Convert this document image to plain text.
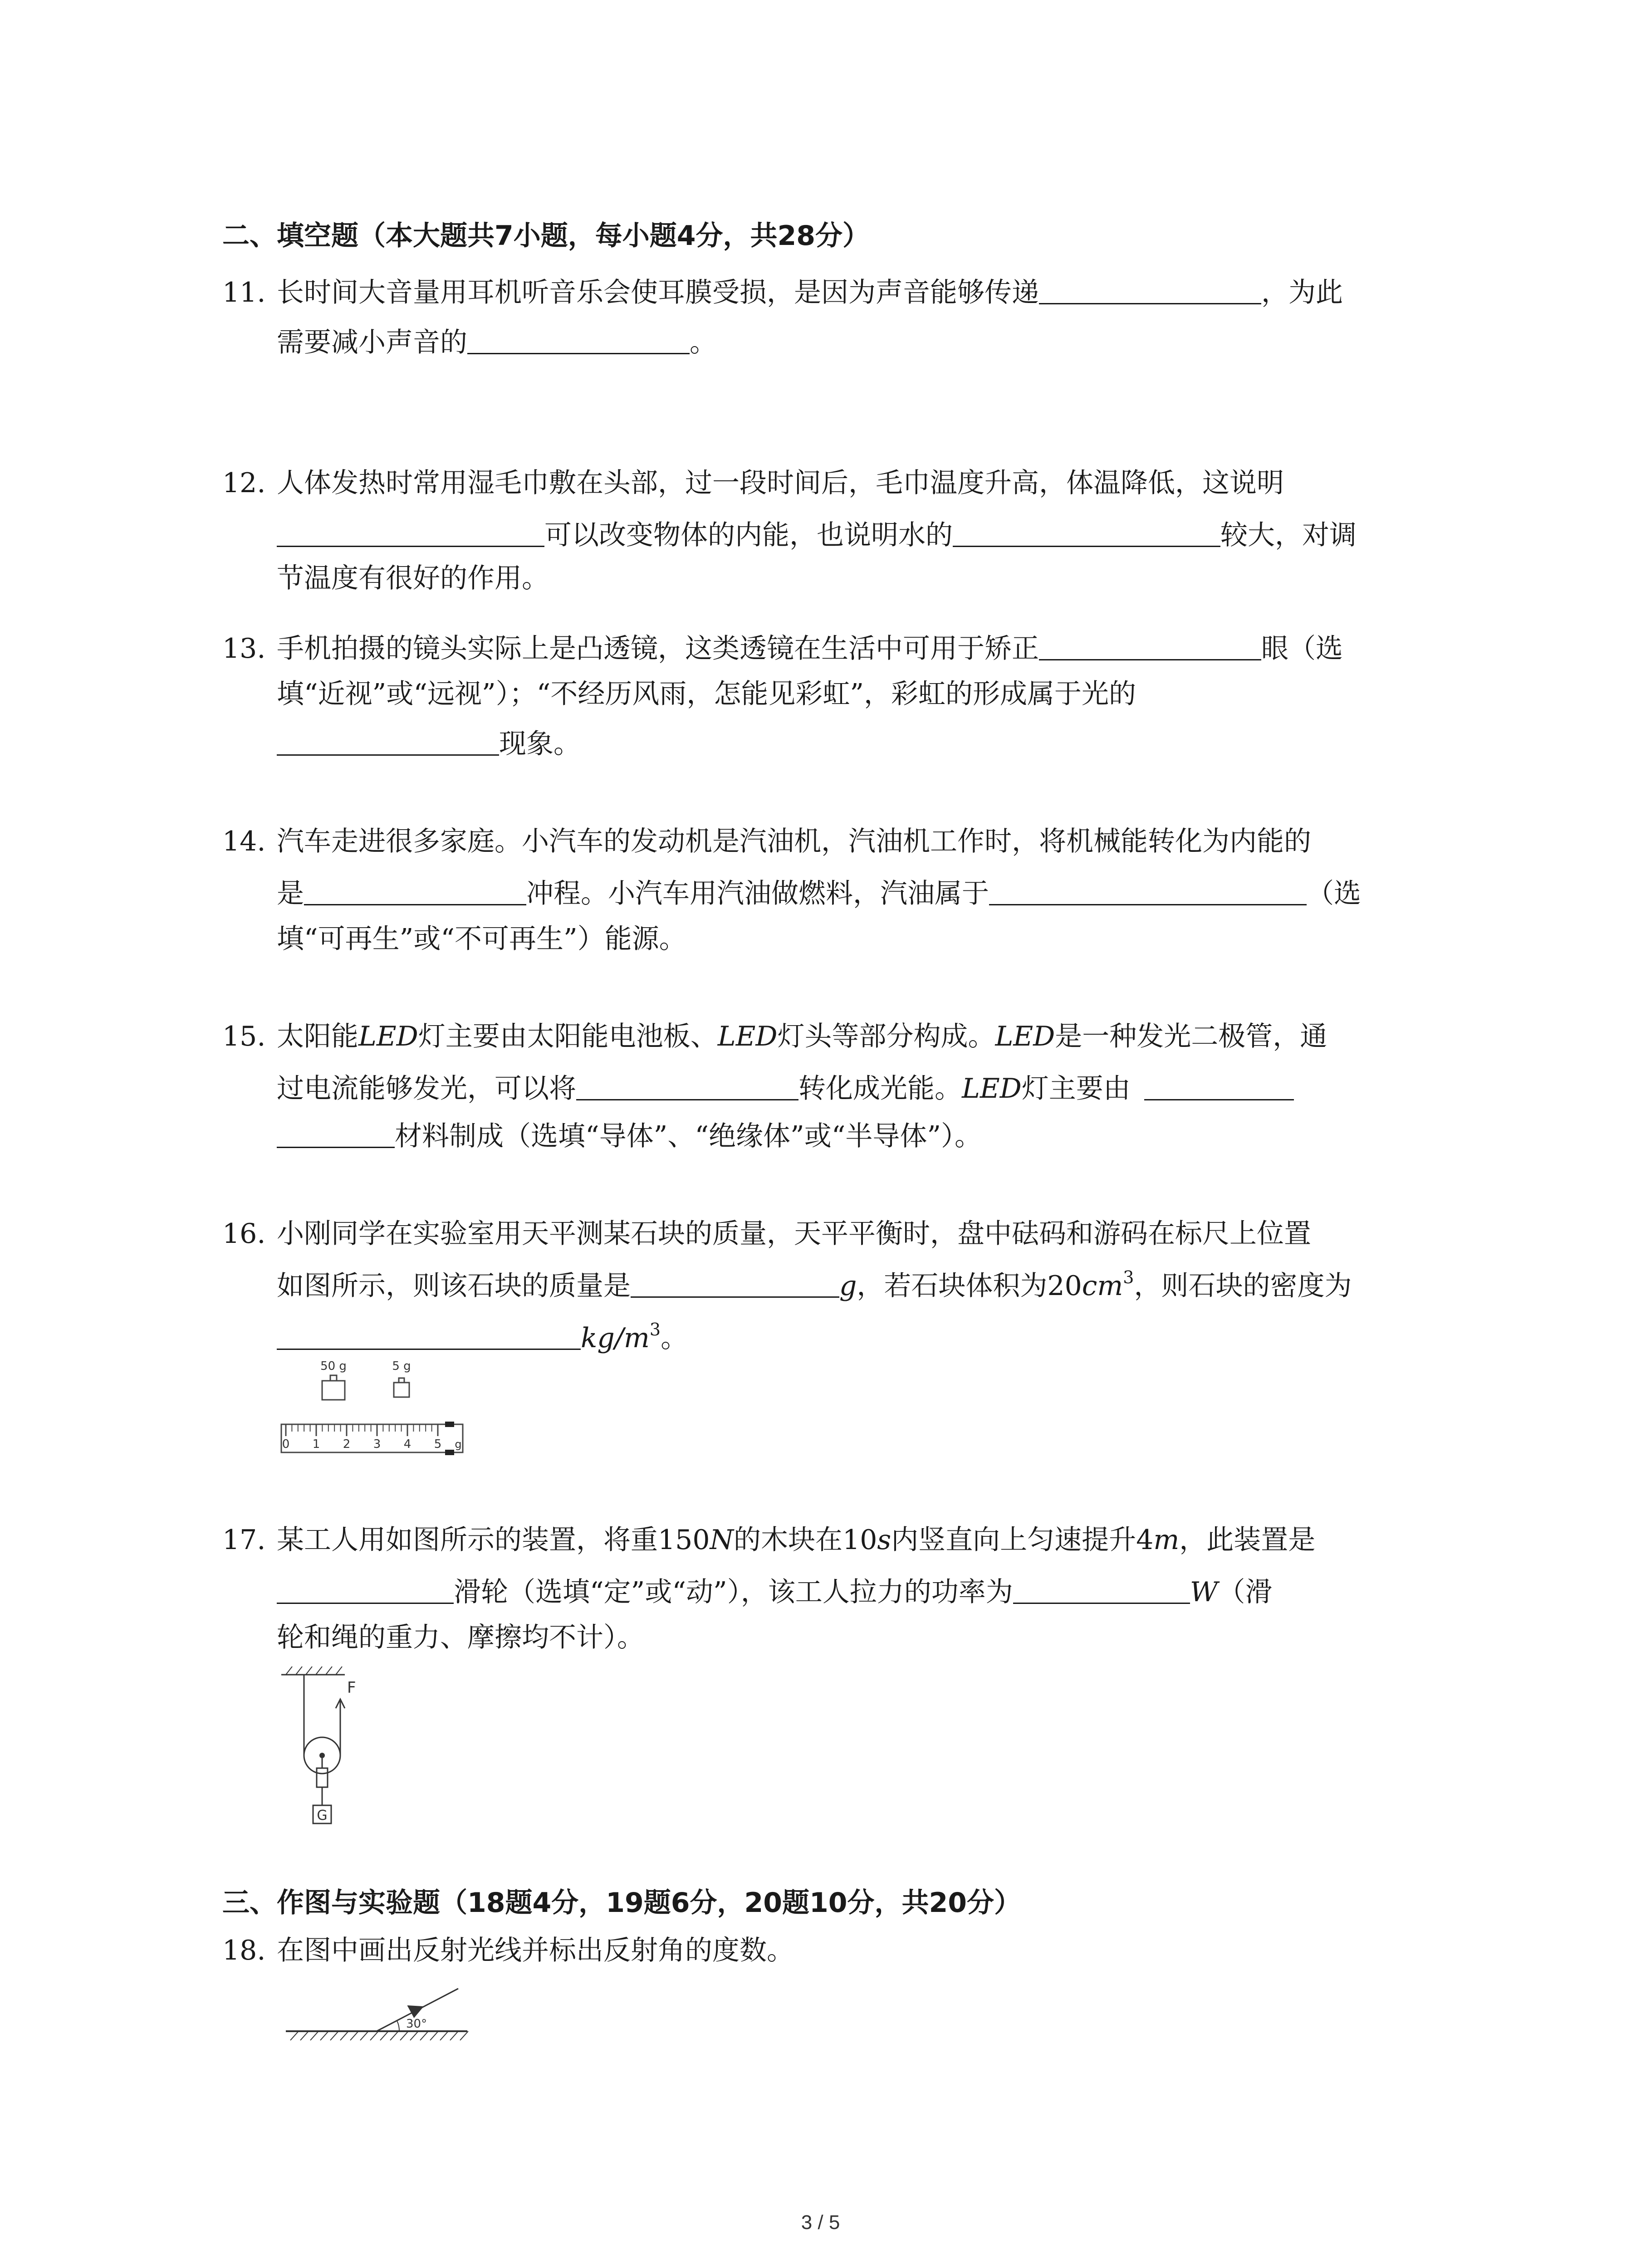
二、填空题（本大题共7小题，每小题4分，共28分）
11. 长时间大音量用耳机听音乐会使耳膜受损，是因为声音能够传递	，为此
需要减小声音的	。
12. 人体发热时常用湿毛巾敷在头部，过一段时间后，毛巾温度升高，体温降低，这说明
可以改变物体的内能，也说明水的	较大，对调
节温度有很好的作用。
13. 手机拍摄的镜头实际上是凸透镜，这类透镜在生活中可用于矫正	眼（选
填“近视”或“远视”）；“不经历风雨，怎能见彩虹”，彩虹的形成属于光的
现象。
14. 汽车走进很多家庭。小汽车的发动机是汽油机，汽油机工作时，将机械能转化为内能的
是	冲程。小汽车用汽油做燃料，汽油属于	（选
填“可再生”或“不可再生”）能源。
15. 太阳能LED灯主要由太阳能电池板、LED灯头等部分构成。LED是一种发光二极管，通
过电流能够发光，可以将	转化成光能。LED灯主要由
材料制成（选填“导体”、“绝缘体”或“半导体”）。
16. 小刚同学在实验室用天平测某石块的质量，天平平衡时，盘中砝码和游码在标尺上位置
如图所示，则该石块的质量是	g，若石块体积为$20cm^3$，则石块的密度为
$kg/m^3$。
50 g	5 g
0 1 2 3 4 5 g
17. 某工人用如图所示的装置，将重150N的木块在10s内竖直向上匀速提升4m，此装置是
滑轮（选填“定”或“动”），该工人拉力的功率为	W（滑
轮和绳的重力、摩擦均不计）。
F
G
三、作图与实验题（18题4分，19题6分，20题10分，共20分）
18. 在图中画出反射光线并标出反射角的度数。
30°
3 / 5
